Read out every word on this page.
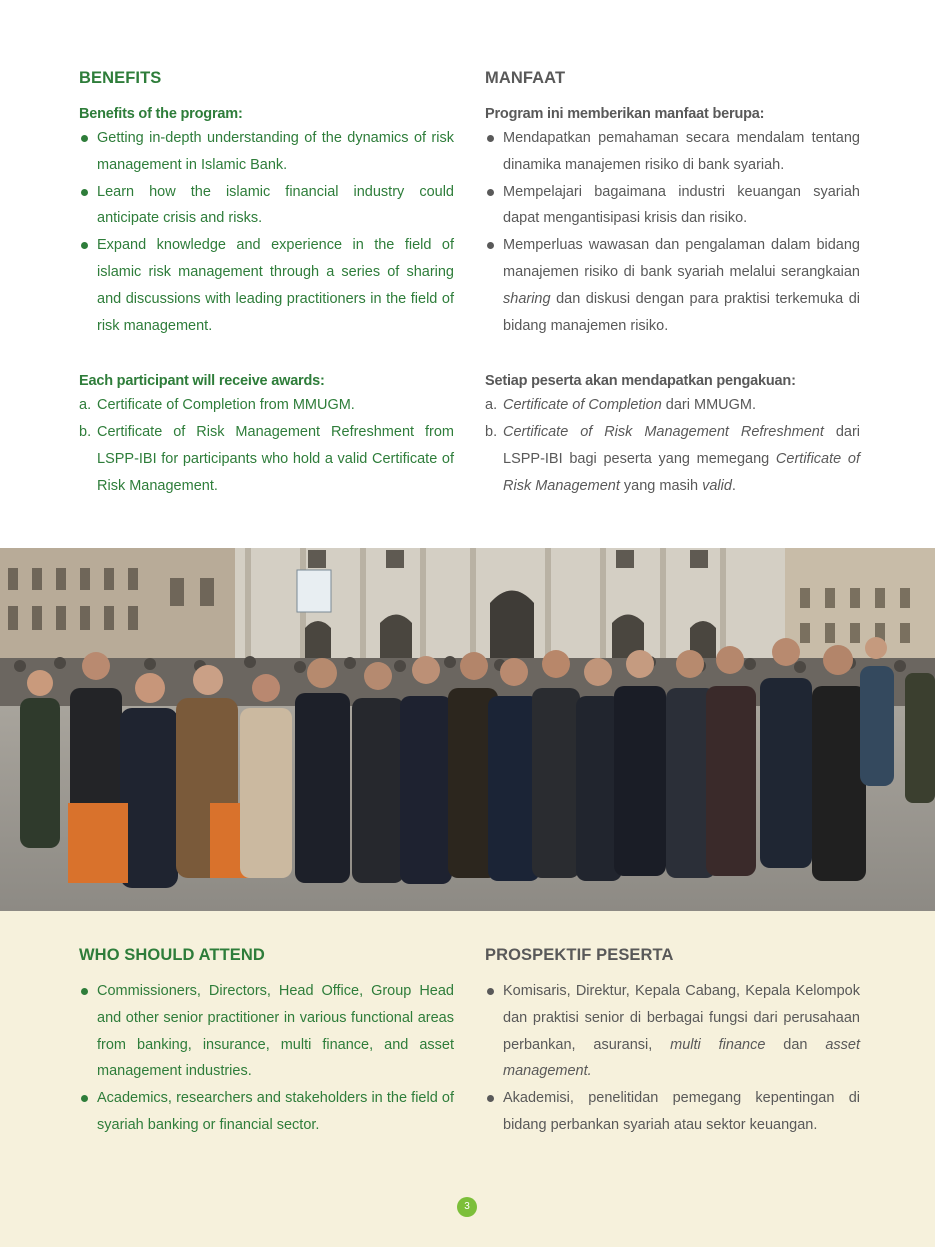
BENEFITS
Benefits of the program:
Getting in-depth understanding of the dynamics of risk management in Islamic Bank.
Learn how the islamic financial industry could anticipate crisis and risks.
Expand knowledge and experience in the field of islamic risk management through a series of sharing and discussions with leading practitioners in the field of risk management.
Each participant will receive awards:
a. Certificate of Completion from MMUGM.
b. Certificate of Risk Management Refreshment from LSPP-IBI for participants who hold a valid Certificate of Risk Management.
MANFAAT
Program ini memberikan manfaat berupa:
Mendapatkan pemahaman secara mendalam tentang dinamika manajemen risiko di bank syariah.
Mempelajari bagaimana industri keuangan syariah dapat mengantisipasi krisis dan risiko.
Memperluas wawasan dan pengalaman dalam bidang manajemen risiko di bank syariah melalui serangkaian sharing dan diskusi dengan para praktisi terkemuka di bidang manajemen risiko.
Setiap peserta akan mendapatkan pengakuan:
a. Certificate of Completion dari MMUGM.
b. Certificate of Risk Management Refreshment dari LSPP-IBI bagi peserta yang memegang Certificate of Risk Management yang masih valid.
WHO SHOULD ATTEND
Commissioners, Directors, Head Office, Group Head and other senior practitioner in various functional areas from banking, insurance, multi finance, and asset management industries.
Academics, researchers and stakeholders in the field of syariah banking or financial sector.
PROSPEKTIF PESERTA
Komisaris, Direktur, Kepala Cabang, Kepala Kelompok dan praktisi senior di berbagai fungsi dari perusahaan perbankan, asuransi, multi finance dan asset management.
Akademisi, penelitidan pemegang kepentingan di bidang perbankan syariah atau sektor keuangan.
3
